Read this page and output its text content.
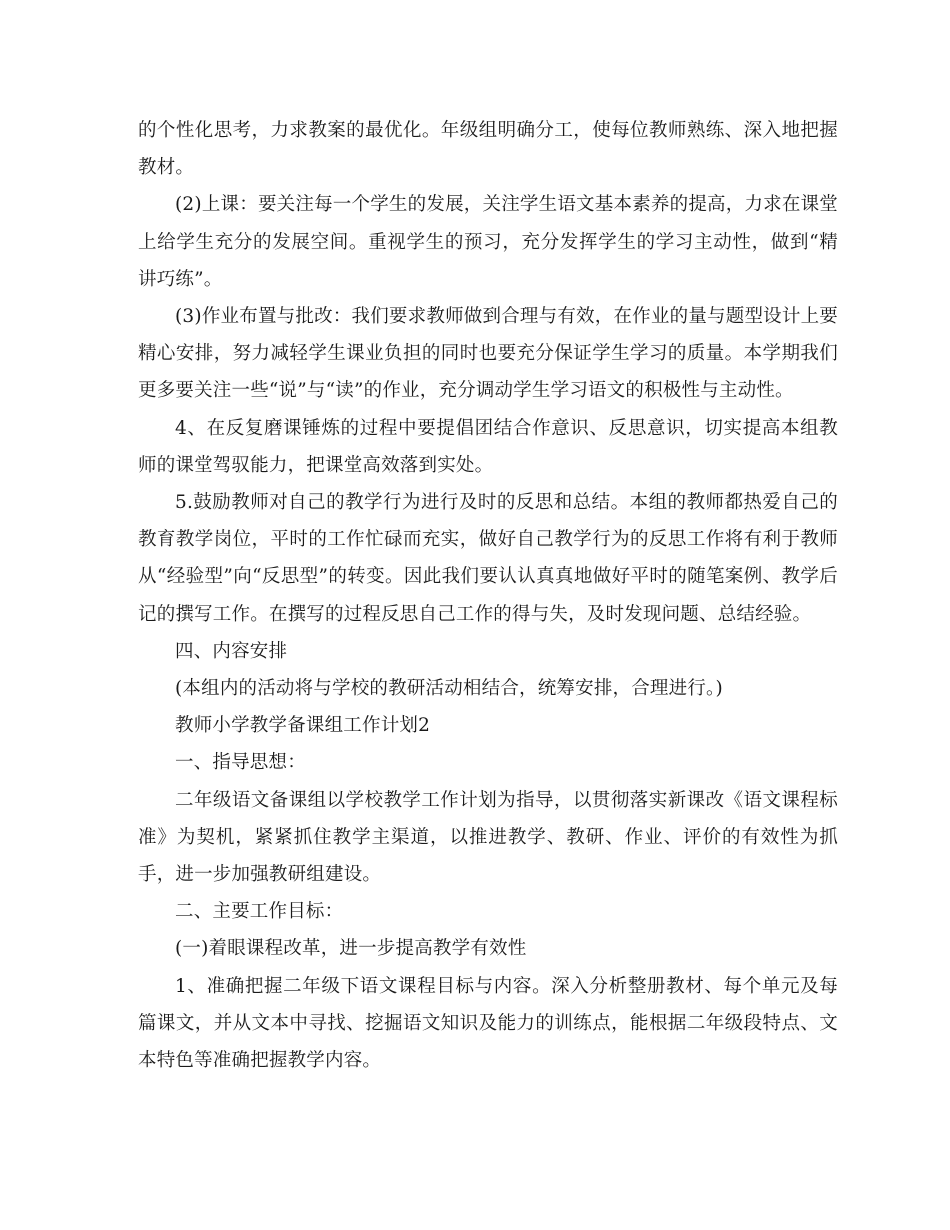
的个性化思考，力求教案的最优化。年级组明确分工，使每位教师熟练、深入地把握教材。

(2)上课：要关注每一个学生的发展，关注学生语文基本素养的提高，力求在课堂上给学生充分的发展空间。重视学生的预习，充分发挥学生的学习主动性，做到“精讲巧练”。

(3)作业布置与批改：我们要求教师做到合理与有效，在作业的量与题型设计上要精心安排，努力减轻学生课业负担的同时也要充分保证学生学习的质量。本学期我们更多要关注一些“说”与“读”的作业，充分调动学生学习语文的积极性与主动性。

4、在反复磨课锤炼的过程中要提倡团结合作意识、反思意识，切实提高本组教师的课堂驾驭能力，把课堂高效落到实处。

5.鼓励教师对自己的教学行为进行及时的反思和总结。本组的教师都热爱自己的教育教学岗位，平时的工作忙碌而充实，做好自己教学行为的反思工作将有利于教师从“经验型”向“反思型”的转变。因此我们要认认真真地做好平时的随笔案例、教学后记的撰写工作。在撰写的过程反思自己工作的得与失，及时发现问题、总结经验。

四、内容安排

(本组内的活动将与学校的教研活动相结合，统筹安排，合理进行。)

教师小学教学备课组工作计划2

一、指导思想：

二年级语文备课组以学校教学工作计划为指导，以贯彻落实新课改《语文课程标准》为契机，紧紧抓住教学主渠道，以推进教学、教研、作业、评价的有效性为抓手，进一步加强教研组建设。

二、主要工作目标：

(一)着眼课程改革，进一步提高教学有效性

1、准确把握二年级下语文课程目标与内容。深入分析整册教材、每个单元及每篇课文，并从文本中寻找、挖掘语文知识及能力的训练点，能根据二年级段特点、文本特色等准确把握教学内容。
